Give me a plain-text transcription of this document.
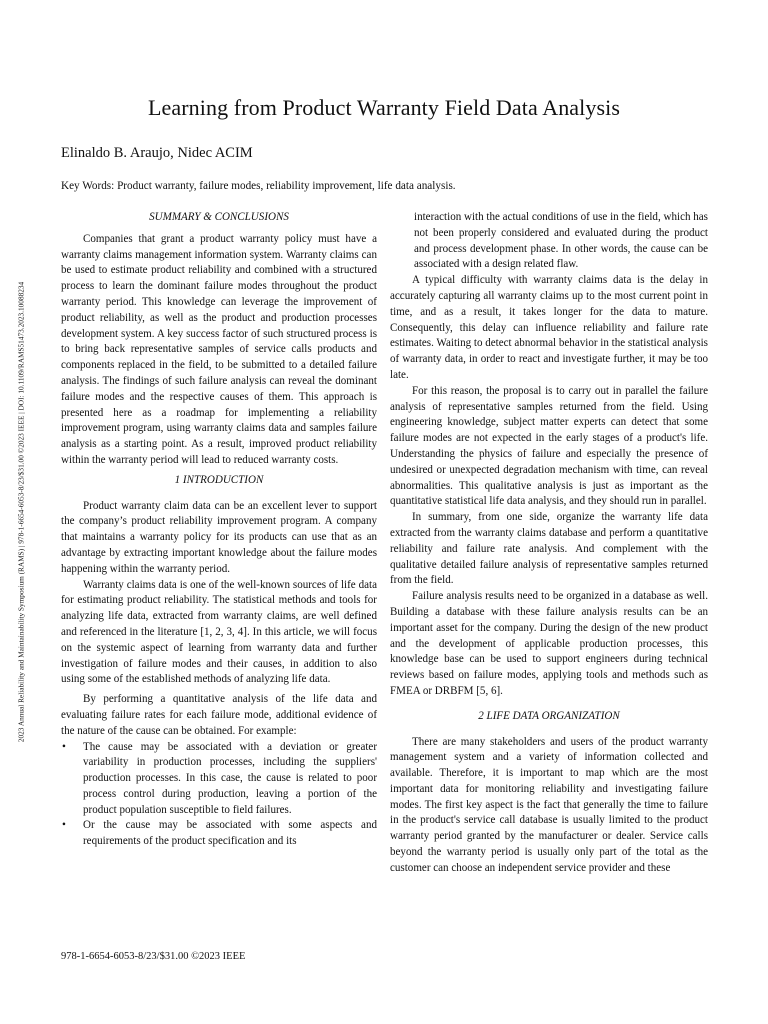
Learning from Product Warranty Field Data Analysis
Elinaldo B. Araujo, Nidec ACIM
Key Words: Product warranty, failure modes, reliability improvement, life data analysis.
2023 Annual Reliability and Maintainability Symposium (RAMS) | 978-1-6654-6053-8/23/$31.00 ©2023 IEEE | DOI: 10.1109/RAMS51473.2023.10088234
SUMMARY & CONCLUSIONS

Companies that grant a product warranty policy must have a warranty claims management information system. Warranty claims can be used to estimate product reliability and combined with a structured process to learn the dominant failure modes throughout the product warranty period. This knowledge can leverage the improvement of product reliability, as well as the product and production processes development system. A key success factor of such structured process is to bring back representative samples of service calls products and components replaced in the field, to be submitted to a detailed failure analysis. The findings of such failure analysis can reveal the dominant failure modes and the respective causes of them. This approach is presented here as a roadmap for implementing a reliability improvement program, using warranty claims data and samples failure analysis as a starting point. As a result, improved product reliability within the warranty period will lead to reduced warranty costs.

1 INTRODUCTION

Product warranty claim data can be an excellent lever to support the company’s product reliability improvement program. A company that maintains a warranty policy for its products can use that as an advantage by extracting important knowledge about the failure modes happening within the warranty period.

Warranty claims data is one of the well-known sources of life data for estimating product reliability. The statistical methods and tools for analyzing life data, extracted from warranty claims, are well defined and referenced in the literature [1, 2, 3, 4]. In this article, we will focus on the systemic aspect of learning from warranty data and further investigation of failure modes and their causes, in addition to also using some of the established methods of analyzing life data.

By performing a quantitative analysis of the life data and evaluating failure rates for each failure mode, additional evidence of the nature of the cause can be obtained. For example:

• The cause may be associated with a deviation or greater variability in production processes, including the suppliers' production processes. In this case, the cause is related to poor process control during production, leaving a portion of the product population susceptible to field failures.
• Or the cause may be associated with some aspects and requirements of the product specification and its

interaction with the actual conditions of use in the field, which has not been properly considered and evaluated during the product and process development phase. In other words, the cause can be associated with a design related flaw.

A typical difficulty with warranty claims data is the delay in accurately capturing all warranty claims up to the most current point in time, and as a result, it takes longer for the data to mature. Consequently, this delay can influence reliability and failure rate estimates. Waiting to detect abnormal behavior in the statistical analysis of warranty data, in order to react and investigate further, it may be too late.

For this reason, the proposal is to carry out in parallel the failure analysis of representative samples returned from the field. Using engineering knowledge, subject matter experts can detect that some failure modes are not expected in the early stages of a product's life. Understanding the physics of failure and especially the presence of undesired or unexpected degradation mechanism with time, can reveal abnormalities. This qualitative analysis is just as important as the quantitative statistical life data analysis, and they should run in parallel.

In summary, from one side, organize the warranty life data extracted from the warranty claims database and perform a quantitative reliability and failure rate analysis. And complement with the qualitative detailed failure analysis of representative samples returned from the field.

Failure analysis results need to be organized in a database as well. Building a database with these failure analysis results can be an important asset for the company. During the design of the new product and the development of applicable production processes, this knowledge base can be used to support engineers during technical reviews based on failure modes, applying tools and methods such as FMEA or DRBFM [5, 6].

2 LIFE DATA ORGANIZATION

There are many stakeholders and users of the product warranty management system and a variety of information collected and available. Therefore, it is important to map which are the most important data for monitoring reliability and investigating failure modes. The first key aspect is the fact that generally the time to failure in the product's service call database is usually limited to the product warranty period granted by the manufacturer or dealer. Service calls beyond the warranty period is usually only part of the total as the customer can choose an independent service provider and these

978-1-6654-6053-8/23/$31.00 ©2023 IEEE
